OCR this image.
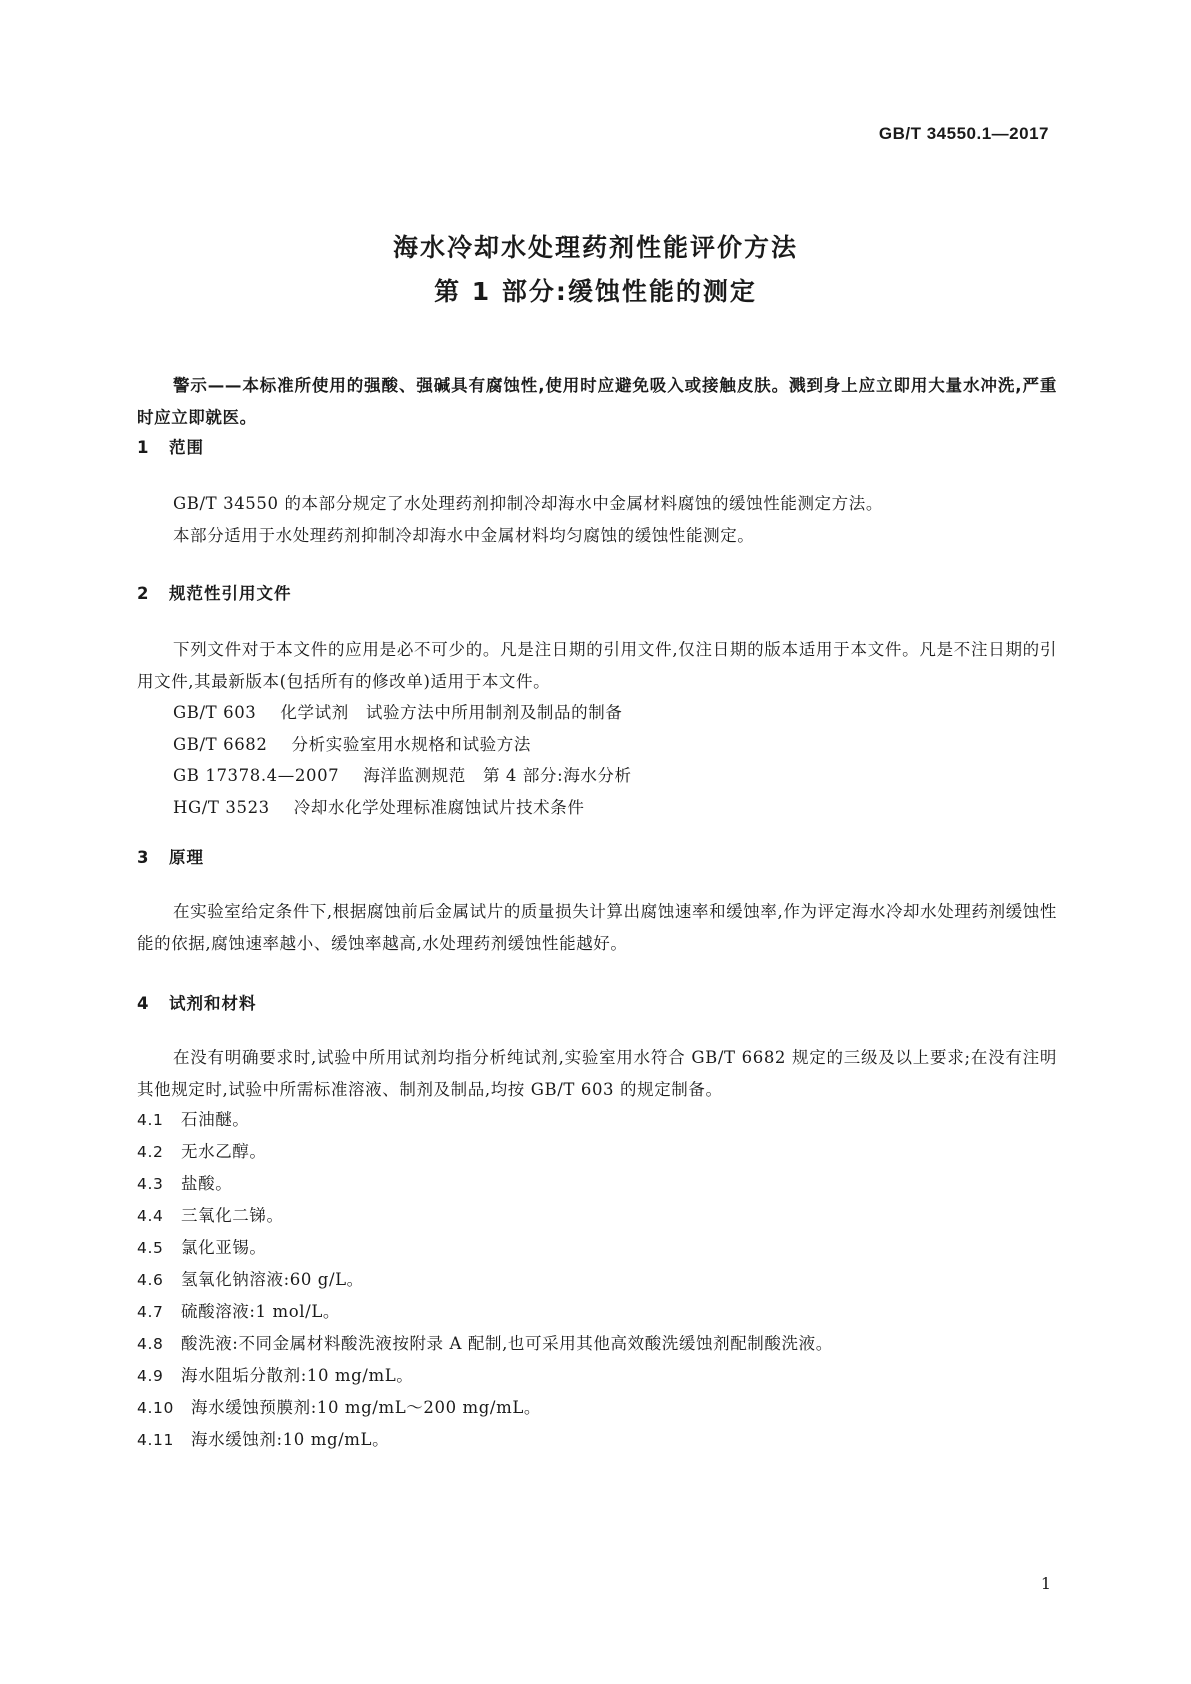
GB/T 34550.1—2017
海水冷却水处理药剂性能评价方法
第 1 部分:缓蚀性能的测定
警示——本标准所使用的强酸、强碱具有腐蚀性,使用时应避免吸入或接触皮肤。溅到身上应立即用大量水冲洗,严重时应立即就医。
1 范围
GB/T 34550 的本部分规定了水处理药剂抑制冷却海水中金属材料腐蚀的缓蚀性能测定方法。
本部分适用于水处理药剂抑制冷却海水中金属材料均匀腐蚀的缓蚀性能测定。
2 规范性引用文件
下列文件对于本文件的应用是必不可少的。凡是注日期的引用文件,仅注日期的版本适用于本文件。凡是不注日期的引用文件,其最新版本(包括所有的修改单)适用于本文件。
GB/T 603 化学试剂　试验方法中所用制剂及制品的制备
GB/T 6682 分析实验室用水规格和试验方法
GB 17378.4—2007 海洋监测规范　第 4 部分:海水分析
HG/T 3523 冷却水化学处理标准腐蚀试片技术条件
3 原理
在实验室给定条件下,根据腐蚀前后金属试片的质量损失计算出腐蚀速率和缓蚀率,作为评定海水冷却水处理药剂缓蚀性能的依据,腐蚀速率越小、缓蚀率越高,水处理药剂缓蚀性能越好。
4 试剂和材料
在没有明确要求时,试验中所用试剂均指分析纯试剂,实验室用水符合 GB/T 6682 规定的三级及以上要求;在没有注明其他规定时,试验中所需标准溶液、制剂及制品,均按 GB/T 603 的规定制备。
4.1 石油醚。
4.2 无水乙醇。
4.3 盐酸。
4.4 三氧化二锑。
4.5 氯化亚锡。
4.6 氢氧化钠溶液:60 g/L。
4.7 硫酸溶液:1 mol/L。
4.8 酸洗液:不同金属材料酸洗液按附录 A 配制,也可采用其他高效酸洗缓蚀剂配制酸洗液。
4.9 海水阻垢分散剂:10 mg/mL。
4.10 海水缓蚀预膜剂:10 mg/mL～200 mg/mL。
4.11 海水缓蚀剂:10 mg/mL。
1
